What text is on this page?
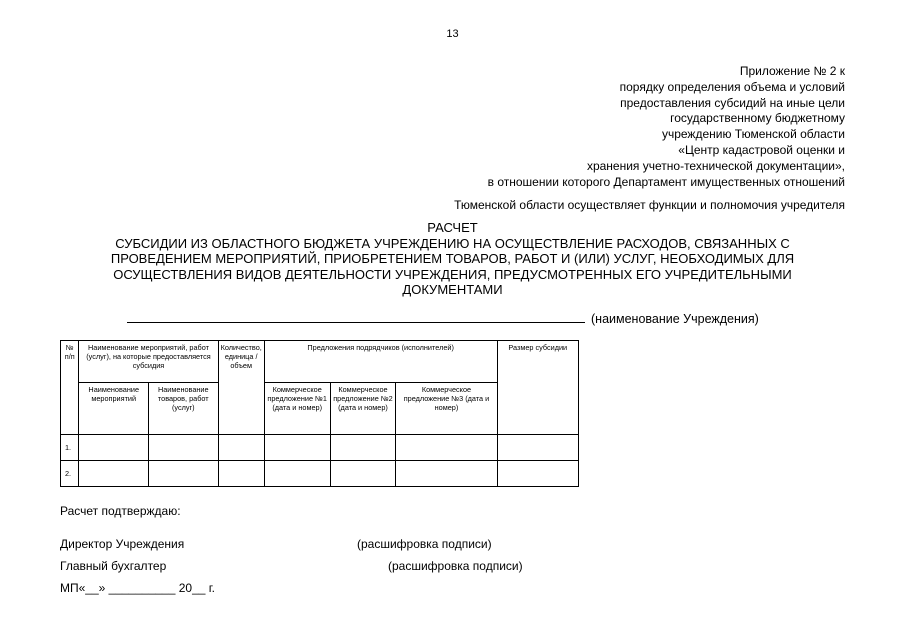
13
Приложение № 2 к
порядку определения объема и условий
предоставления субсидий на иные цели
государственному бюджетному
учреждению Тюменской области
«Центр кадастровой оценки и
хранения учетно-технической документации»,
в отношении которого Департамент имущественных отношений
Тюменской области осуществляет функции и полномочия учредителя
РАСЧЕТ
СУБСИДИИ ИЗ ОБЛАСТНОГО БЮДЖЕТА УЧРЕЖДЕНИЮ НА ОСУЩЕСТВЛЕНИЕ РАСХОДОВ, СВЯЗАННЫХ С
ПРОВЕДЕНИЕМ МЕРОПРИЯТИЙ, ПРИОБРЕТЕНИЕМ ТОВАРОВ, РАБОТ И (ИЛИ) УСЛУГ, НЕОБХОДИМЫХ ДЛЯ
ОСУЩЕСТВЛЕНИЯ ВИДОВ ДЕЯТЕЛЬНОСТИ УЧРЕЖДЕНИЯ, ПРЕДУСМОТРЕННЫХ ЕГО УЧРЕДИТЕЛЬНЫМИ
ДОКУМЕНТАМИ
(наименование Учреждения)
№ п/п	Наименование мероприятий, работ (услуг), на которые предоставляется субсидия		Количество, единица /объем	Предложения подрядчиков (исполнителей)			Размер субсидии
	Наименование мероприятий	Наименование товаров, работ (услуг)		Коммерческое предложение №1 (дата и номер)	Коммерческое предложение №2 (дата и номер)	Коммерческое предложение №3 (дата и номер)	
1.							
2.							
Расчет подтверждаю:
Директор Учреждения	(расшифровка подписи)
Главный бухгалтер	(расшифровка подписи)
МП«__» __________ 20__ г.
